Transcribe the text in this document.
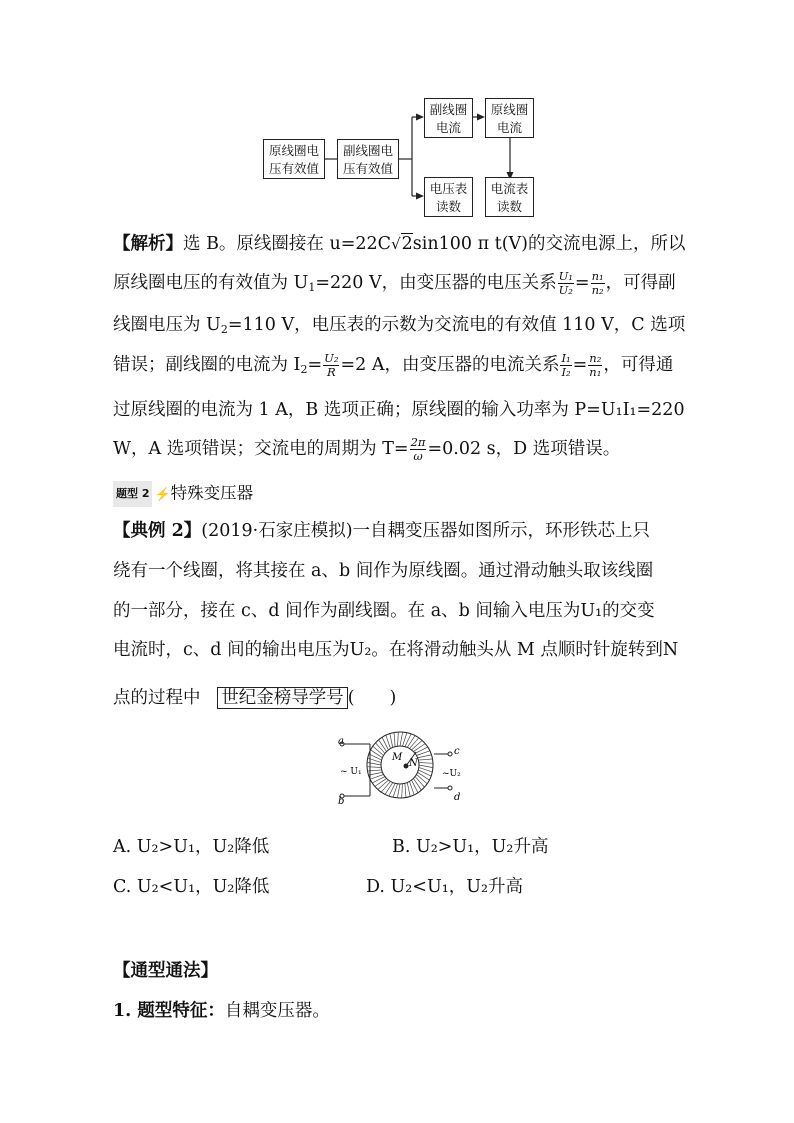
原线圈电
压有效值
副线圈电
压有效值
副线圈
电流
原线圈
电流
电压表
读数
电流表
读数
【解析】选 B。原线圈接在 u=22C√2sin100 π t(V)的交流电源上，所以
原线圈电压的有效值为 $U_1=220$ V，由变压器的电压关系 $\frac{\text{U₁}}{\text{U₂}} = \frac{\text{n₁}}{\text{n₂}}$ ，可得副
线圈电压为 $U_2=110$ V，电压表的示数为交流电的有效值 110 V，C 选项
错误；副线圈的电流为 $I_2= \frac{\text{U₂}}{R} =2$ A，由变压器的电流关系 $\frac{\text{I₁}}{\text{I₂}} = \frac{\text{n₂}}{\text{n₁}}$ ，可得通
过原线圈的电流为 1 A，B 选项正确；原线圈的输入功率为 P=U₁I₁=220
W，A 选项错误；交流电的周期为 $T= \frac{2\pi}{\omega} =0.02$ s，D 选项错误。
题型 2 ⚡特殊变压器
【典例 2】(2019·石家庄模拟)一自耦变压器如图所示，环形铁芯上只
绕有一个线圈，将其接在 a、b 间作为原线圈。通过滑动触头取该线圈
的一部分，接在 c、d 间作为副线圈。在 a、b 间输入电压为U₁的交变
电流时，c、d 间的输出电压为U₂。在将滑动触头从 M 点顺时针旋转到N
点的过程中 世纪金榜导学号 (　　)
a
b
c
d
M
N
~ U₁	~U₂
A. U₂>U₁，U₂降低	B. U₂>U₁，U₂升高
C. U₂<U₁，U₂降低	D. U₂<U₁，U₂升高
【通型通法】
1. 题型特征：自耦变压器。
